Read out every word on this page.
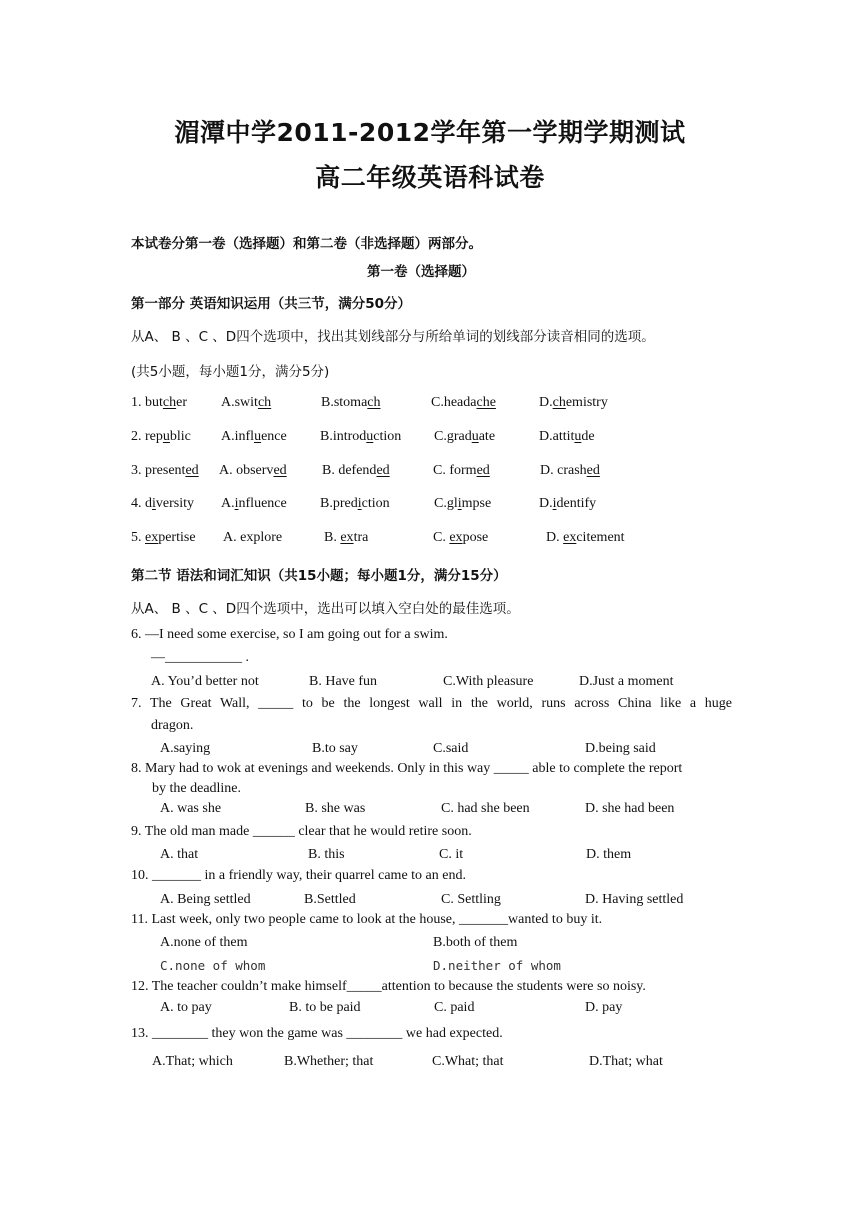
湄潭中学2011-2012学年第一学期学期测试
高二年级英语科试卷
本试卷分第一卷（选择题）和第二卷（非选择题）两部分。
第一卷（选择题）
第一部分 英语知识运用（共三节，满分50分）
从A、 B 、C 、D四个选项中，找出其划线部分与所给单词的划线部分读音相同的选项。
(共5小题，每小题1分，满分5分)
1. butcher A.switch	B.stomach	C.headache	D.chemistry
2. republic A.influence B.introduction C.graduate	D.attitude
3. presented A. observed	B. defended	C. formed	D. crashed
4. diversity A.influence B.prediction	C.glimpse	D.identify
5. expertise A. explore	B. extra	C. expose	D. excitement
第二节 语法和词汇知识（共15小题；每小题1分，满分15分）
从A、 B 、C 、D四个选项中，选出可以填入空白处的最佳选项。
6. —I need some exercise, so I am going out for a swim.
—___________ .
A. You’d better not	B. Have fun	C.With pleasure	D.Just a moment
7. The Great Wall, _____ to be the longest wall in the world, runs across China like a huge
dragon.
A.saying	B.to say	C.said	D.being said
8. Mary had to wok at evenings and weekends. Only in this way _____ able to complete the report
by the deadline.
A. was she	B. she was	C. had she been	D. she had been
9. The old man made ______ clear that he would retire soon.
A. that	B. this	C. it	D. them
10. _______ in a friendly way, their quarrel came to an end.
A. Being settled	B.Settled	C. Settling	D. Having settled
11. Last week, only two people came to look at the house, _______wanted to buy it.
A.none of them	B.both of them
C.none of whom	D.neither of whom
12. The teacher couldn’t make himself_____attention to because the students were so noisy.
A. to pay	B. to be paid	C. paid	D. pay
13. ________ they won the game was ________ we had expected.
A.That; which	B.Whether; that	C.What; that	D.That; what
